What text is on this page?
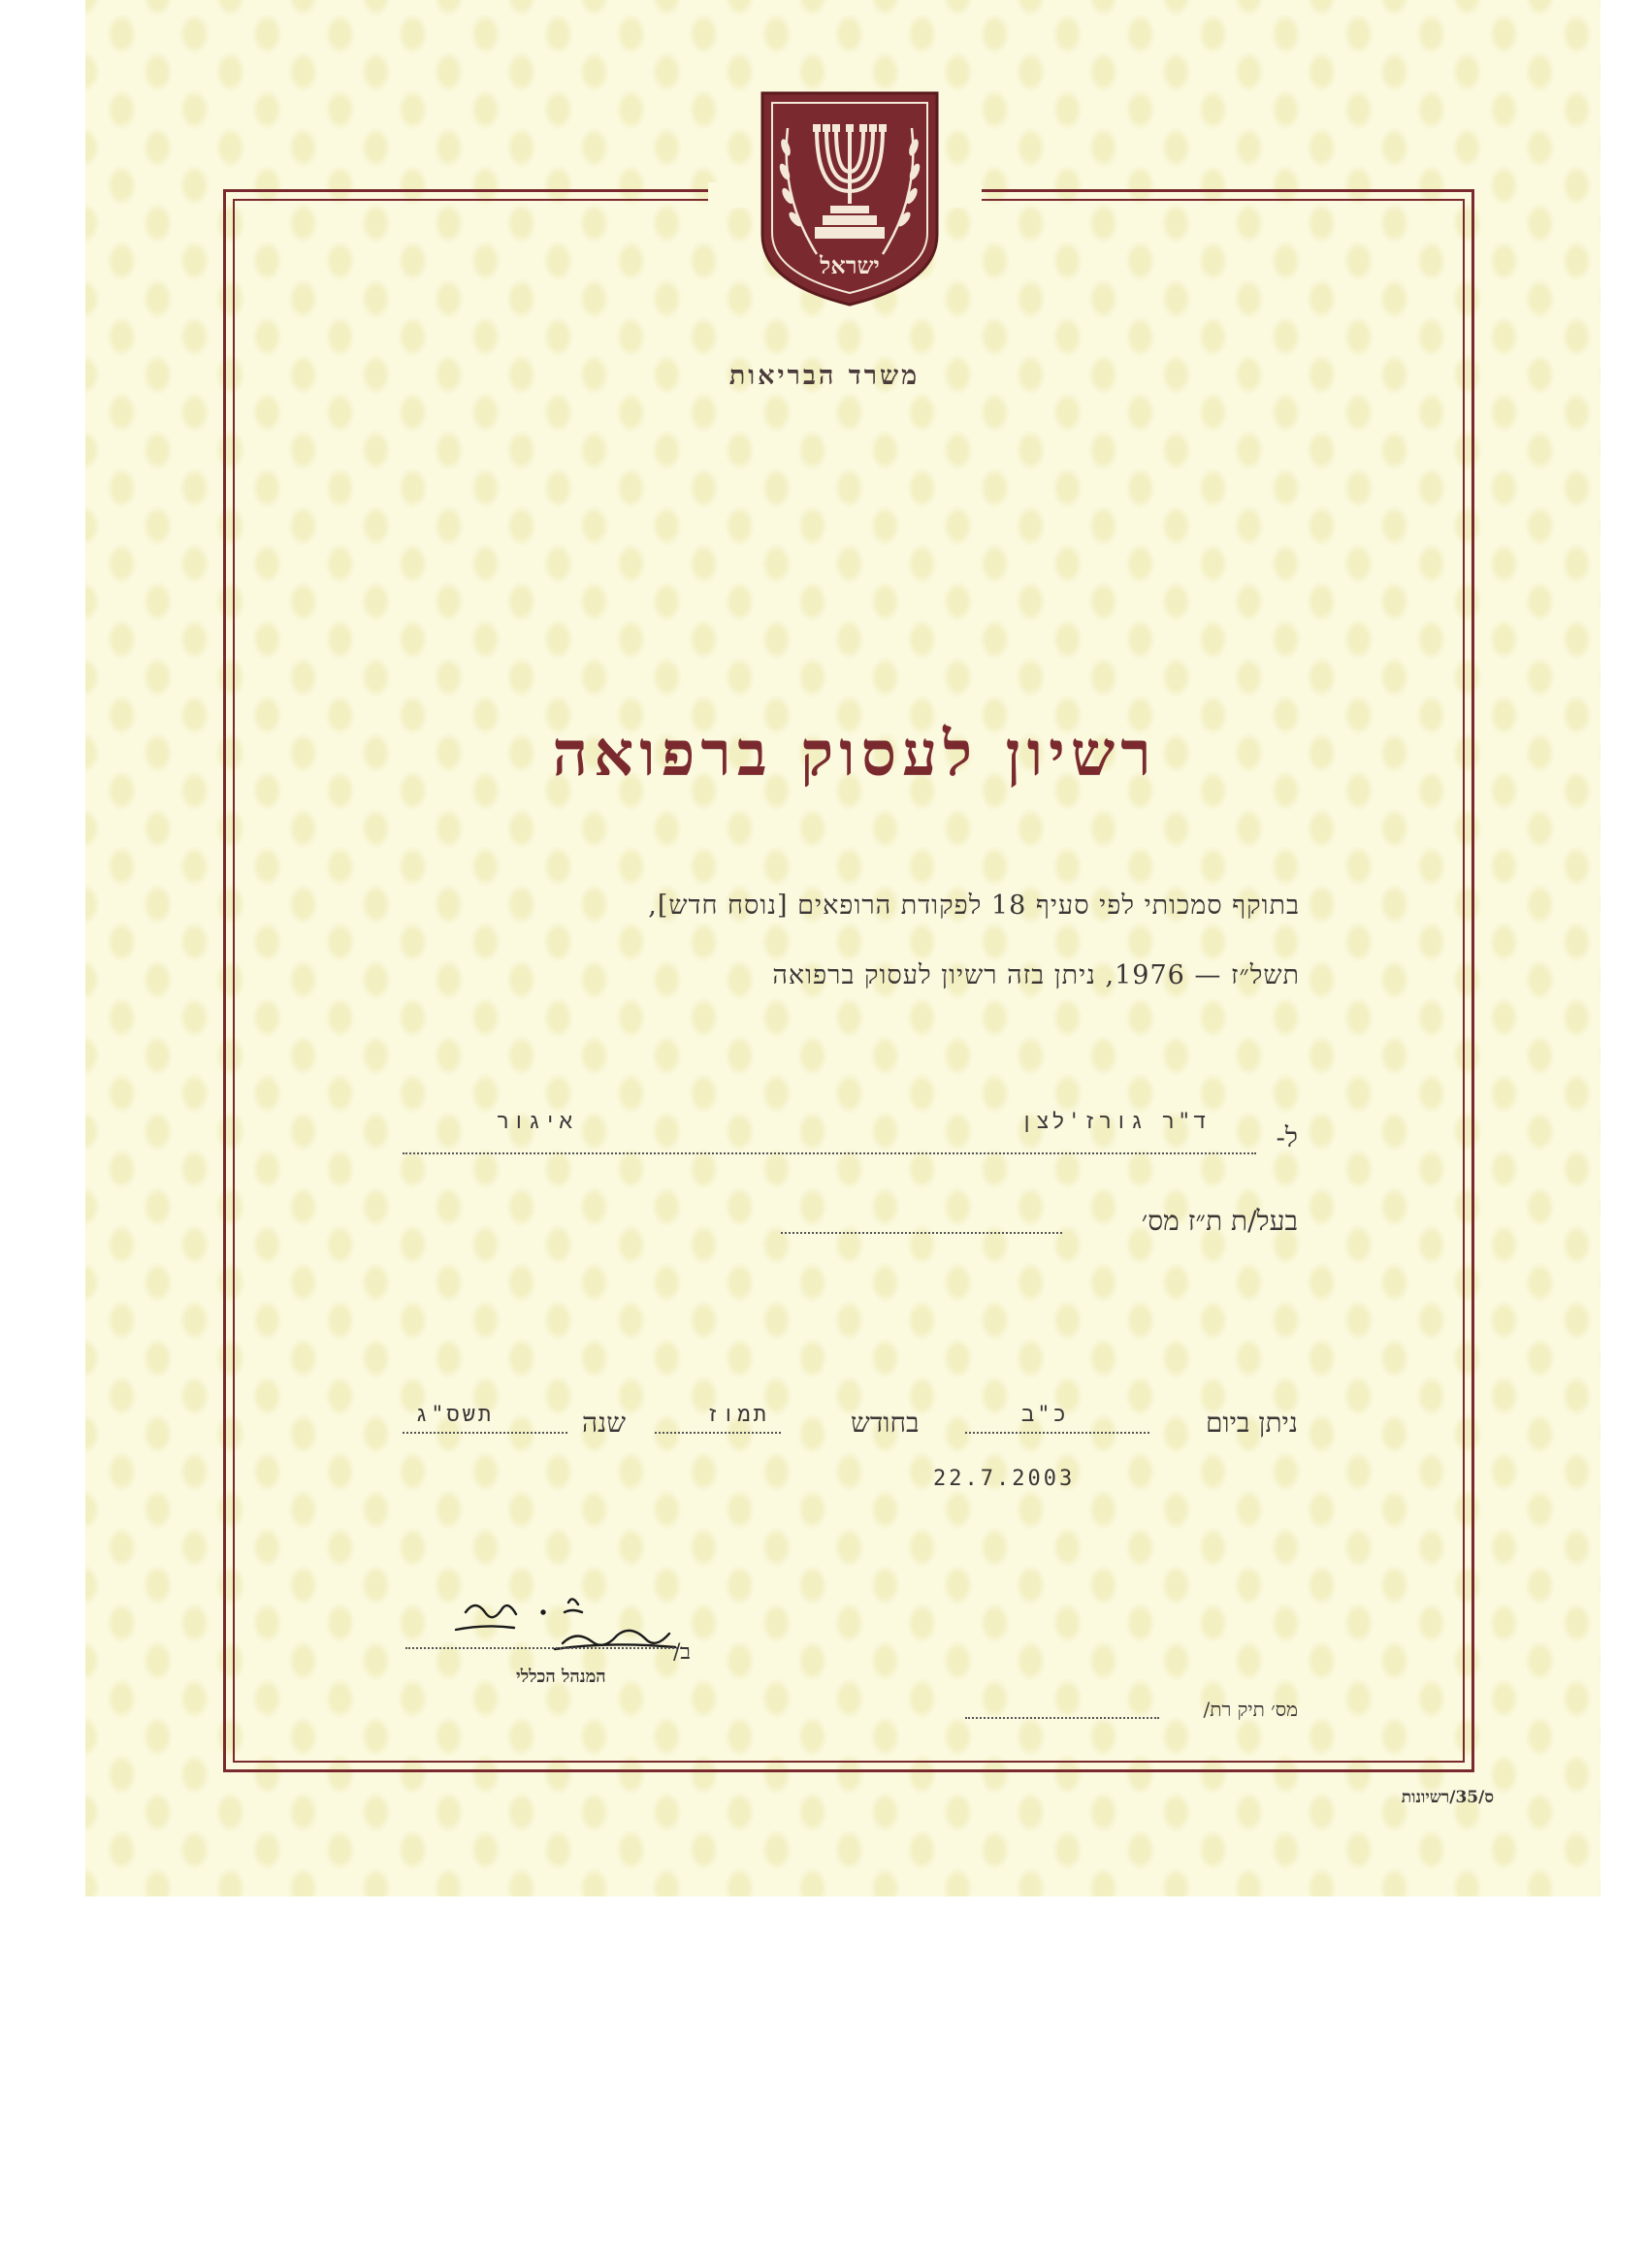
ישראל
משרד הבריאות
רשיון לעסוק ברפואה
בתוקף סמכותי לפי סעיף 18 לפקודת הרופאים [נוסח חדש],
תשל״ז — 1976, ניתן בזה רשיון לעסוק ברפואה
ל-
ד"ר גורז'לצן
איגור
בעל/ת ת״ז מס׳
ניתן ביום
כ"ב
בחודש
תמוז
שנה
תשס"ג
22.7.2003
ב/
המנהל הכללי
מס׳ תיק רת/
ס/35/רשיונות
